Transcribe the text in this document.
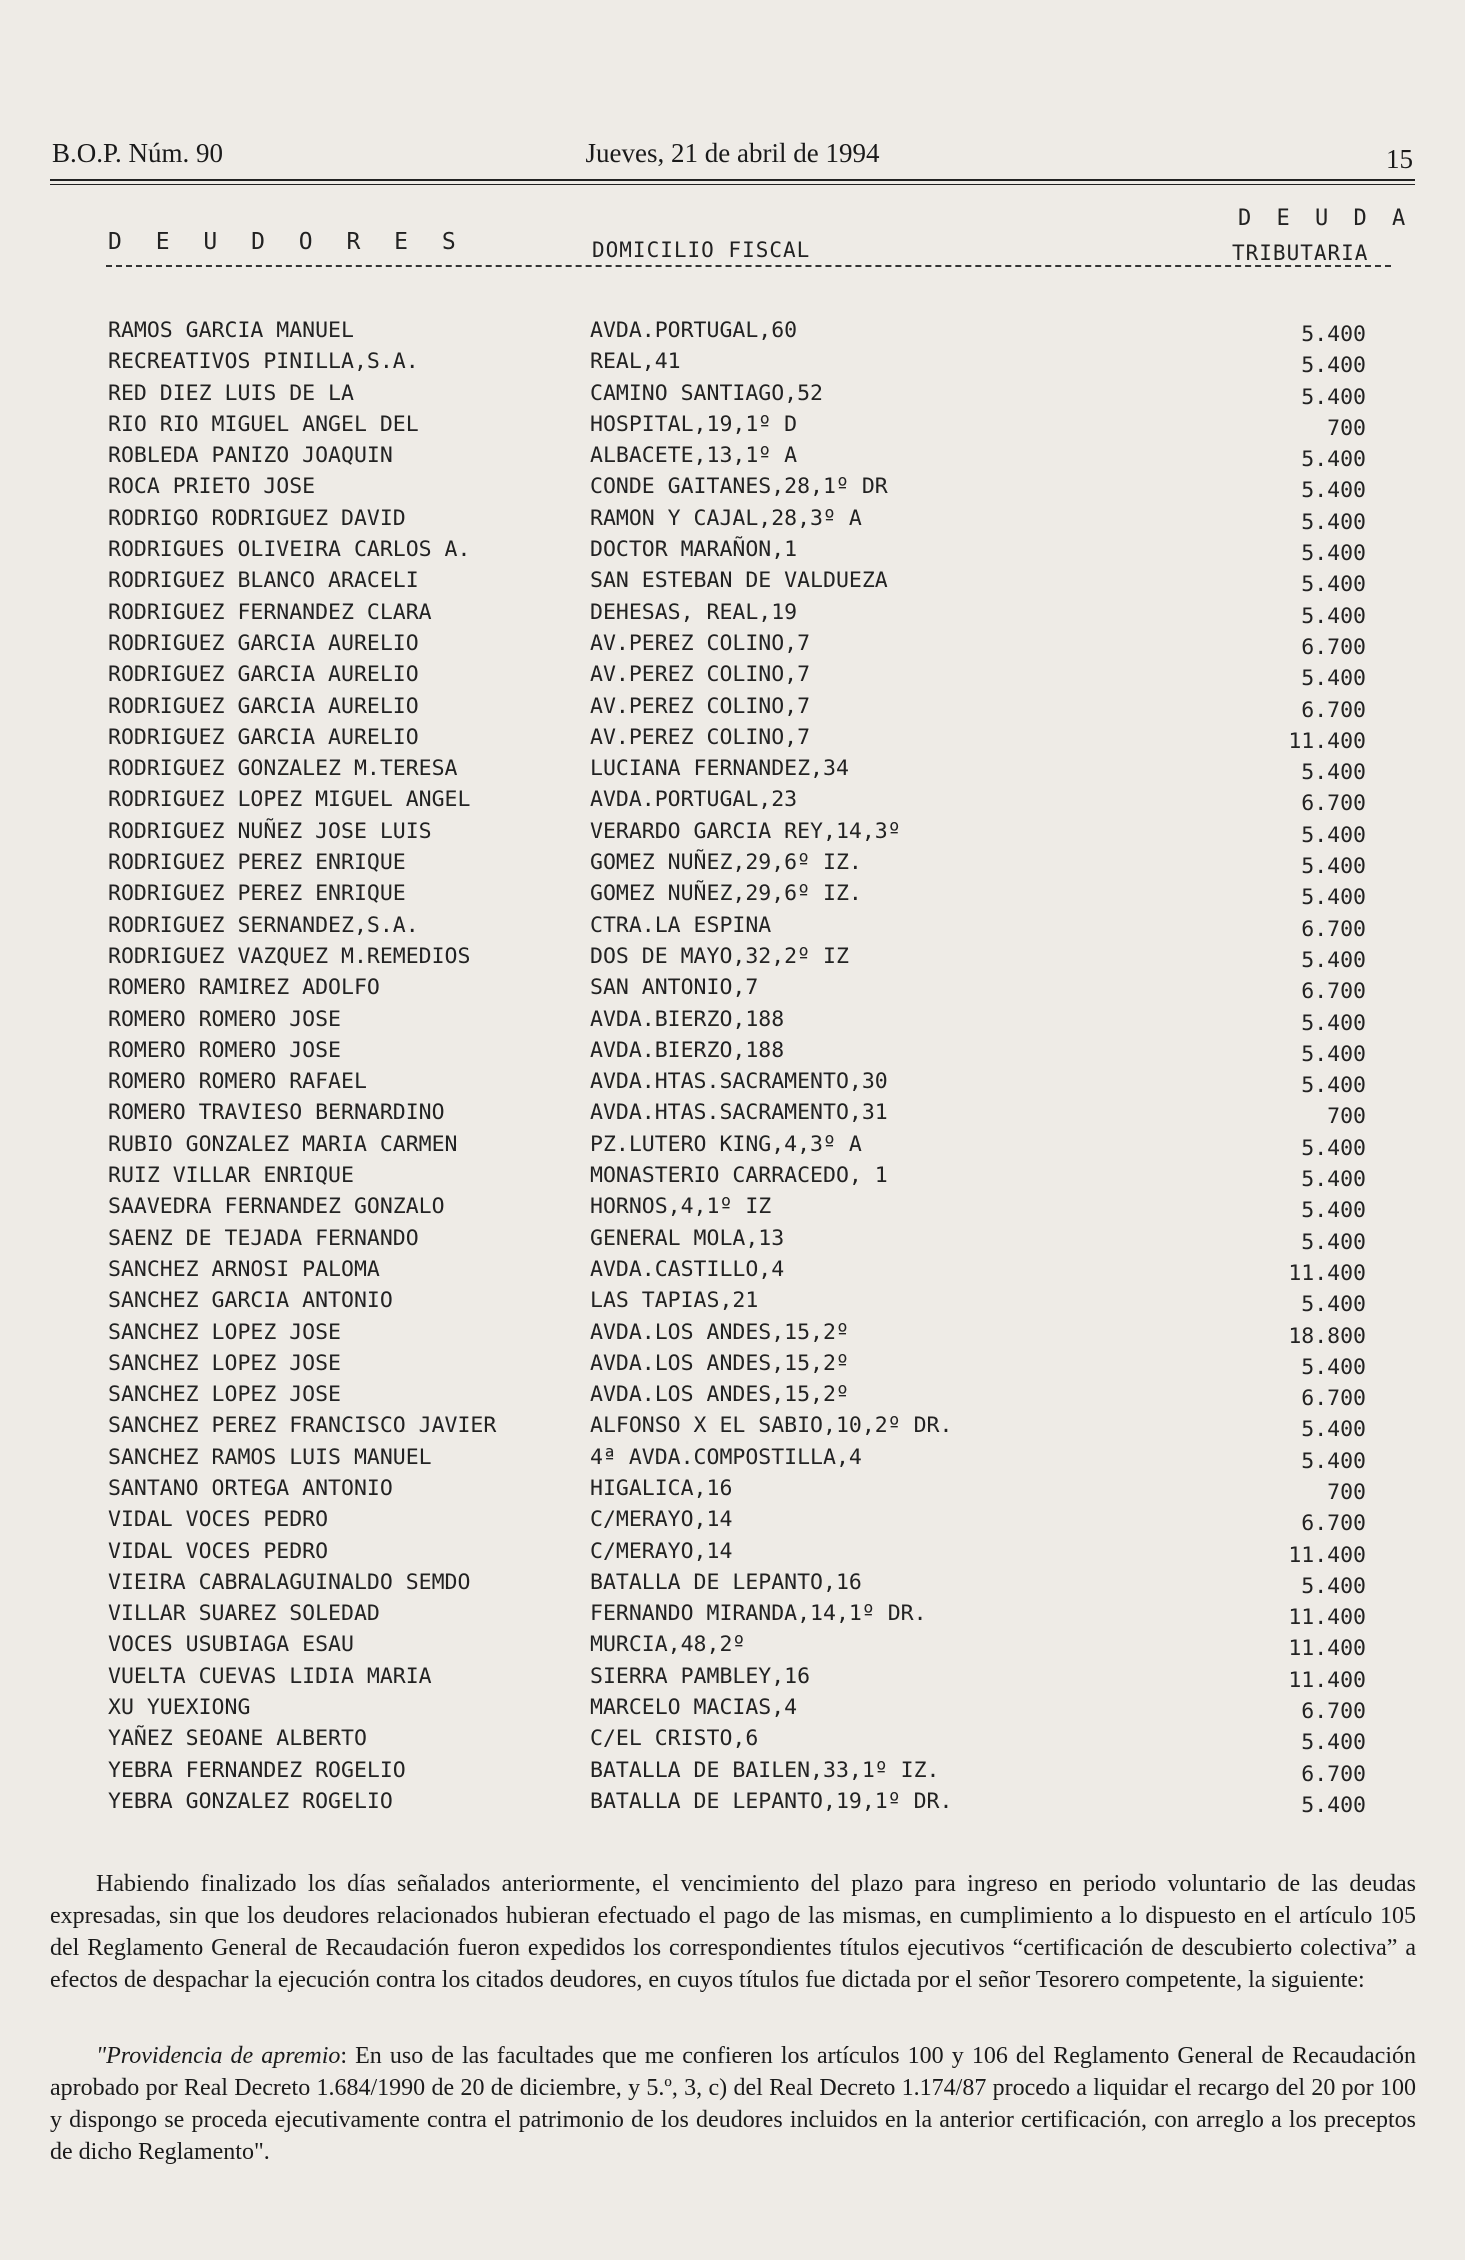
B.O.P. Núm. 90	Jueves, 21 de abril de 1994	15
D E U D O R E S	DOMICILIO FISCAL
D E U D A
TRIBUTARIA
RAMOS GARCIA MANUEL	AVDA.PORTUGAL,60	5.400
RECREATIVOS PINILLA,S.A.	REAL,41	5.400
RED DIEZ LUIS DE LA	CAMINO SANTIAGO,52	5.400
RIO RIO MIGUEL ANGEL DEL	HOSPITAL,19,1º D	700
ROBLEDA PANIZO JOAQUIN	ALBACETE,13,1º A	5.400
ROCA PRIETO JOSE	CONDE GAITANES,28,1º DR	5.400
RODRIGO RODRIGUEZ DAVID	RAMON Y CAJAL,28,3º A	5.400
RODRIGUES OLIVEIRA CARLOS A.	DOCTOR MARAÑON,1	5.400
RODRIGUEZ BLANCO ARACELI	SAN ESTEBAN DE VALDUEZA	5.400
RODRIGUEZ FERNANDEZ CLARA	DEHESAS, REAL,19	5.400
RODRIGUEZ GARCIA AURELIO	AV.PEREZ COLINO,7	6.700
RODRIGUEZ GARCIA AURELIO	AV.PEREZ COLINO,7	5.400
RODRIGUEZ GARCIA AURELIO	AV.PEREZ COLINO,7	6.700
RODRIGUEZ GARCIA AURELIO	AV.PEREZ COLINO,7	11.400
RODRIGUEZ GONZALEZ M.TERESA	LUCIANA FERNANDEZ,34	5.400
RODRIGUEZ LOPEZ MIGUEL ANGEL	AVDA.PORTUGAL,23	6.700
RODRIGUEZ NUÑEZ JOSE LUIS	VERARDO GARCIA REY,14,3º	5.400
RODRIGUEZ PEREZ ENRIQUE	GOMEZ NUÑEZ,29,6º IZ.	5.400
RODRIGUEZ PEREZ ENRIQUE	GOMEZ NUÑEZ,29,6º IZ.	5.400
RODRIGUEZ SERNANDEZ,S.A.	CTRA.LA ESPINA	6.700
RODRIGUEZ VAZQUEZ M.REMEDIOS	DOS DE MAYO,32,2º IZ	5.400
ROMERO RAMIREZ ADOLFO	SAN ANTONIO,7	6.700
ROMERO ROMERO JOSE	AVDA.BIERZO,188	5.400
ROMERO ROMERO JOSE	AVDA.BIERZO,188	5.400
ROMERO ROMERO RAFAEL	AVDA.HTAS.SACRAMENTO,30	5.400
ROMERO TRAVIESO BERNARDINO	AVDA.HTAS.SACRAMENTO,31	700
RUBIO GONZALEZ MARIA CARMEN	PZ.LUTERO KING,4,3º A	5.400
RUIZ VILLAR ENRIQUE	MONASTERIO CARRACEDO, 1	5.400
SAAVEDRA FERNANDEZ GONZALO	HORNOS,4,1º IZ	5.400
SAENZ DE TEJADA FERNANDO	GENERAL MOLA,13	5.400
SANCHEZ ARNOSI PALOMA	AVDA.CASTILLO,4	11.400
SANCHEZ GARCIA ANTONIO	LAS TAPIAS,21	5.400
SANCHEZ LOPEZ JOSE	AVDA.LOS ANDES,15,2º	18.800
SANCHEZ LOPEZ JOSE	AVDA.LOS ANDES,15,2º	5.400
SANCHEZ LOPEZ JOSE	AVDA.LOS ANDES,15,2º	6.700
SANCHEZ PEREZ FRANCISCO JAVIER	ALFONSO X EL SABIO,10,2º DR.	5.400
SANCHEZ RAMOS LUIS MANUEL	4ª AVDA.COMPOSTILLA,4	5.400
SANTANO ORTEGA ANTONIO	HIGALICA,16	700
VIDAL VOCES PEDRO	C/MERAYO,14	6.700
VIDAL VOCES PEDRO	C/MERAYO,14	11.400
VIEIRA CABRALAGUINALDO SEMDO	BATALLA DE LEPANTO,16	5.400
VILLAR SUAREZ SOLEDAD	FERNANDO MIRANDA,14,1º DR.	11.400
VOCES USUBIAGA ESAU	MURCIA,48,2º	11.400
VUELTA CUEVAS LIDIA MARIA	SIERRA PAMBLEY,16	11.400
XU YUEXIONG	MARCELO MACIAS,4	6.700
YAÑEZ SEOANE ALBERTO	C/EL CRISTO,6	5.400
YEBRA FERNANDEZ ROGELIO	BATALLA DE BAILEN,33,1º IZ.	6.700
YEBRA GONZALEZ ROGELIO	BATALLA DE LEPANTO,19,1º DR.	5.400
Habiendo finalizado los días señalados anteriormente, el vencimiento del plazo para ingreso en periodo voluntario de las deudas expresadas, sin que los deudores relacionados hubieran efectuado el pago de las mismas, en cumplimiento a lo dispuesto en el artículo 105 del Reglamento General de Recaudación fueron expedidos los correspondientes títulos ejecutivos “certificación de descubierto colectiva” a efectos de despachar la ejecución contra los citados deudores, en cuyos títulos fue dictada por el señor Tesorero competente, la siguiente:
"Providencia de apremio: En uso de las facultades que me confieren los artículos 100 y 106 del Reglamento General de Recaudación aprobado por Real Decreto 1.684/1990 de 20 de diciembre, y 5.º, 3, c) del Real Decreto 1.174/87 procedo a liquidar el recargo del 20 por 100 y dispongo se proceda ejecutivamente contra el patrimonio de los deudores incluidos en la anterior certificación, con arreglo a los preceptos de dicho Reglamento".
